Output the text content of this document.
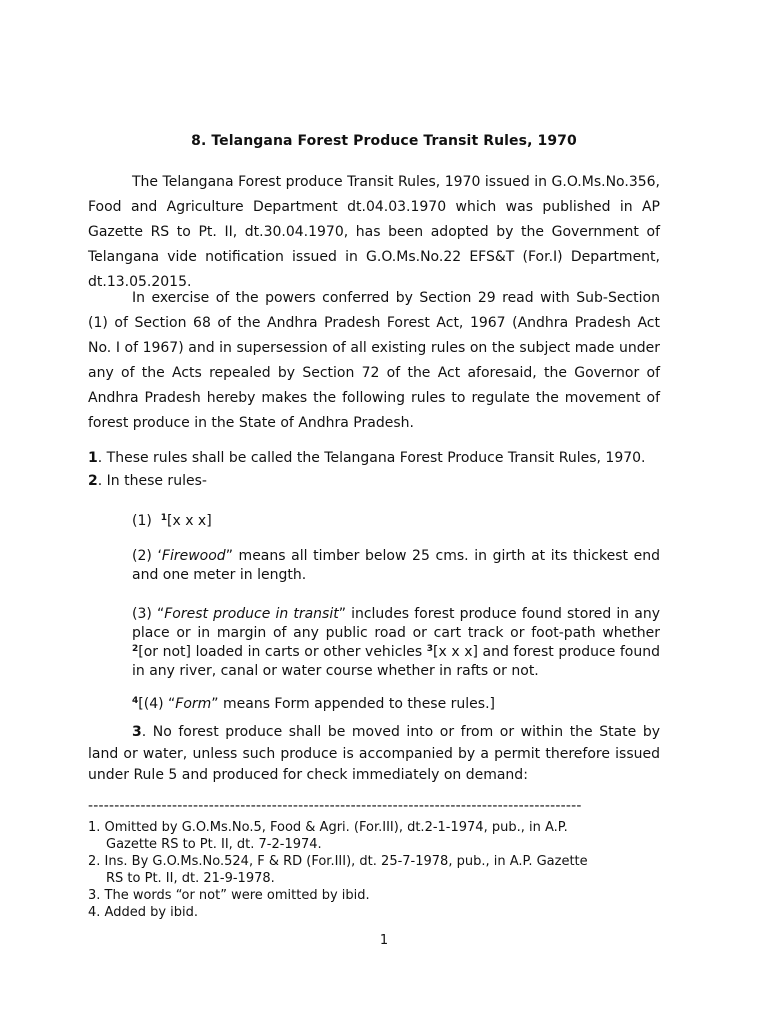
8. Telangana Forest Produce Transit Rules, 1970

The Telangana Forest produce Transit Rules, 1970 issued in G.O.Ms.No.356, Food and Agriculture Department dt.04.03.1970 which was published in AP Gazette RS to Pt. II, dt.30.04.1970, has been adopted by the Government of Telangana vide notification issued in G.O.Ms.No.22 EFS&T (For.I) Department, dt.13.05.2015.

In exercise of the powers conferred by Section 29 read with Sub-Section (1) of Section 68 of the Andhra Pradesh Forest Act, 1967 (Andhra Pradesh Act No. I of 1967) and in supersession of all existing rules on the subject made under any of the Acts repealed by Section 72 of the Act aforesaid, the Governor of Andhra Pradesh hereby makes the following rules to regulate the movement of forest produce in the State of Andhra Pradesh.

1. These rules shall be called the Telangana Forest Produce Transit Rules, 1970.

2. In these rules-

(1)  $^1$[x x x]

(2) ‘Firewood” means all timber below 25 cms. in girth at its thickest end and one meter in length.

(3) “Forest produce in transit” includes forest produce found stored in any place or in margin of any public road or cart track or foot-path whether $^2$[or not] loaded in carts or other vehicles $^3$[x x x] and forest produce found in any river, canal or water course whether in rafts or not.

$^4$[(4) “Form” means Form appended to these rules.]

3. No forest produce shall be moved into or from or within the State by land or water, unless such produce is accompanied by a permit therefore issued under Rule 5 and produced for check immediately on demand:

----------------------------------------------------------------------------------------------

1. Omitted by G.O.Ms.No.5, Food & Agri. (For.III), dt.2-1-1974, pub., in A.P.
Gazette RS to Pt. II, dt. 7-2-1974.

2. Ins. By G.O.Ms.No.524, F & RD (For.III), dt. 25-7-1978, pub., in A.P. Gazette
RS to Pt. II, dt. 21-9-1978.

3. The words “or not” were omitted by ibid.

4. Added by ibid.

1
